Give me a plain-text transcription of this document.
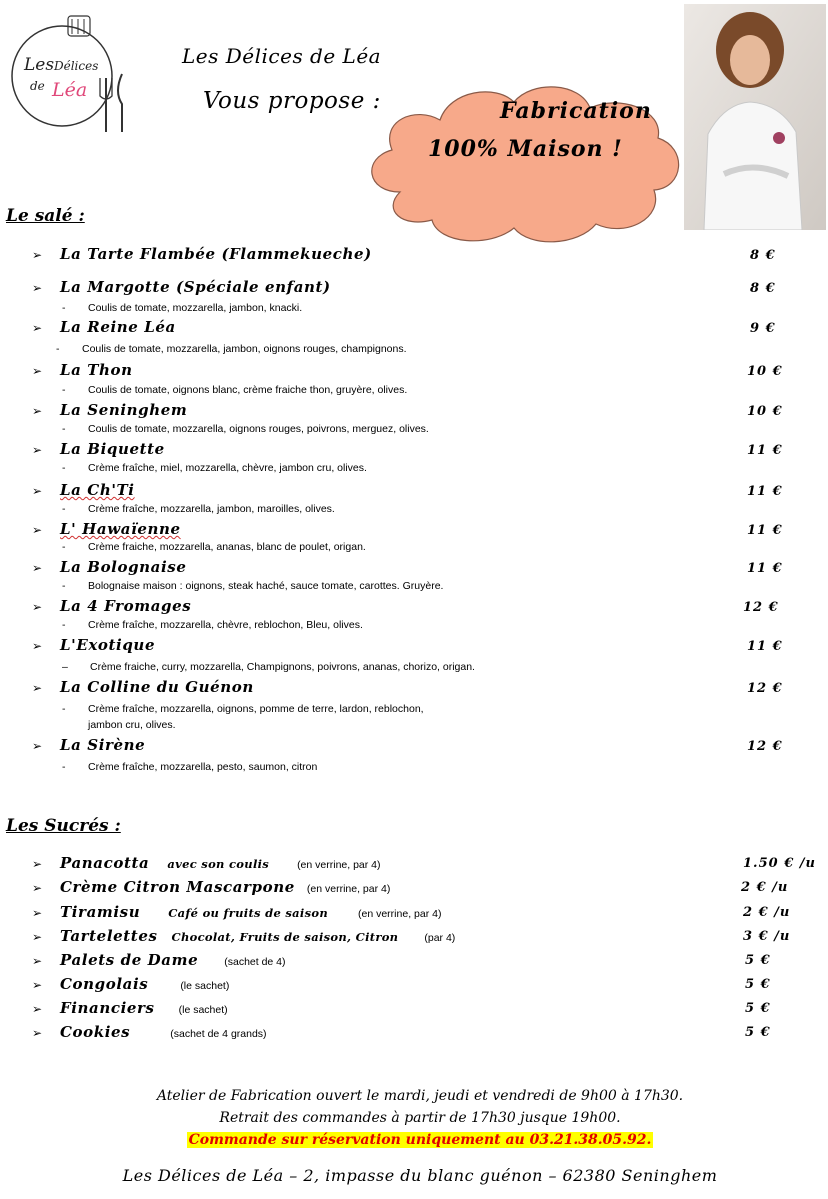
Les Délices
de Léa
Les Délices de Léa
Vous propose :	Fabrication
100% Maison !
Le salé :
➢ La Tarte Flambée (Flammekueche)	8 €
➢ La Margotte (Spéciale enfant)	8 €
- Coulis de tomate, mozzarella, jambon, knacki.
➢ La Reine Léa	9 €
- Coulis de tomate, mozzarella, jambon, oignons rouges, champignons.
➢ La Thon	10 €
- Coulis de tomate, oignons blanc, crème fraiche thon, gruyère, olives.
➢ La Seninghem	10 €
- Coulis de tomate, mozzarella, oignons rouges, poivrons, merguez, olives.
➢ La Biquette	11 €
- Crème fraîche, miel, mozzarella, chèvre, jambon cru, olives.
➢ La Ch'Ti	11 €
- Crème fraîche, mozzarella, jambon, maroilles, olives.
➢ L' Hawaïenne	11 €
- Crème fraiche, mozzarella, ananas, blanc de poulet, origan.
➢ La Bolognaise	11 €
- Bolognaise maison : oignons, steak haché, sauce tomate, carottes. Gruyère.
➢ La 4 Fromages	12 €
- Crème fraîche, mozzarella, chèvre, reblochon, Bleu, olives.
➢ L'Exotique	11 €
– Crème fraiche, curry, mozzarella, Champignons, poivrons, ananas, chorizo, origan.
➢ La Colline du Guénon	12 €
- Crème fraîche, mozzarella, oignons, pomme de terre, lardon, reblochon,
jambon cru, olives.
➢ La Sirène	12 €
- Crème fraîche, mozzarella, pesto, saumon, citron
Les Sucrés :
➢ Panacotta avec son coulis	(en verrine, par 4)	1.50 € /u
➢ Crème Citron Mascarpone (en verrine, par 4)	2 € /u
➢ Tiramisu Café ou fruits de saison	(en verrine, par 4)	2 € /u
➢ Tartelettes Chocolat, Fruits de saison, Citron (par 4)	3 € /u
➢ Palets de Dame (sachet de 4)	5 €
➢ Congolais	(le sachet)	5 €
➢ Financiers (le sachet)	5 €
➢ Cookies	(sachet de 4 grands)	5 €
Atelier de Fabrication ouvert le mardi, jeudi et vendredi de 9h00 à 17h30.
Retrait des commandes à partir de 17h30 jusque 19h00.
Commande sur réservation uniquement au 03.21.38.05.92.
Les Délices de Léa – 2, impasse du blanc guénon – 62380 Seninghem
